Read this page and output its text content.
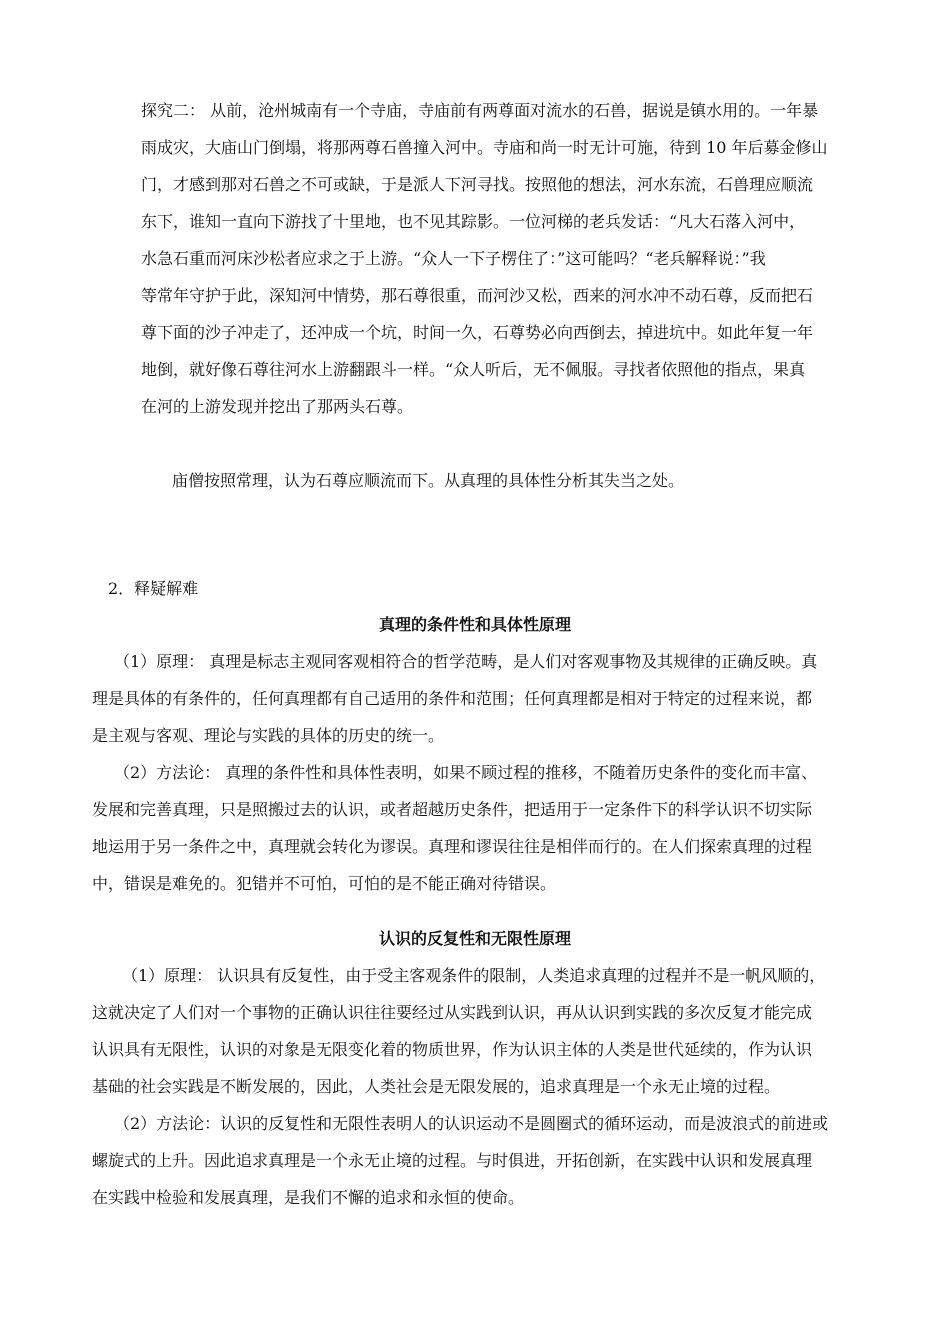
探究二： 从前，沧州城南有一个寺庙，寺庙前有两尊面对流水的石兽，据说是镇水用的。一年暴
雨成灾，大庙山门倒塌，将那两尊石兽撞入河中。寺庙和尚一时无计可施，待到 10 年后募金修山
门，才感到那对石兽之不可或缺，于是派人下河寻找。按照他的想法，河水东流，石兽理应顺流
东下，谁知一直向下游找了十里地，也不见其踪影。一位河梯的老兵发话：“凡大石落入河中，
水急石重而河床沙松者应求之于上游。“众人一下子楞住了：”这可能吗？“老兵解释说：”我
等常年守护于此，深知河中情势，那石尊很重，而河沙又松，西来的河水冲不动石尊，反而把石
尊下面的沙子冲走了，还冲成一个坑，时间一久，石尊势必向西倒去，掉进坑中。如此年复一年
地倒，就好像石尊往河水上游翻跟斗一样。“众人听后，无不佩服。寻找者依照他的指点，果真
在河的上游发现并挖出了那两头石尊。

庙僧按照常理，认为石尊应顺流而下。从真理的具体性分析其失当之处。

2．释疑解难

真理的条件性和具体性原理
（1）原理： 真理是标志主观同客观相符合的哲学范畴，是人们对客观事物及其规律的正确反映。真
理是具体的有条件的，任何真理都有自己适用的条件和范围；任何真理都是相对于特定的过程来说，都
是主观与客观、理论与实践的具体的历史的统一。
（2）方法论： 真理的条件性和具体性表明，如果不顾过程的推移，不随着历史条件的变化而丰富、
发展和完善真理，只是照搬过去的认识，或者超越历史条件，把适用于一定条件下的科学认识不切实际
地运用于另一条件之中，真理就会转化为谬误。真理和谬误往往是相伴而行的。在人们探索真理的过程
中，错误是难免的。犯错并不可怕，可怕的是不能正确对待错误。
认识的反复性和无限性原理
（1）原理： 认识具有反复性，由于受主客观条件的限制，人类追求真理的过程并不是一帆风顺的，
这就决定了人们对一个事物的正确认识往往要经过从实践到认识，再从认识到实践的多次反复才能完成
认识具有无限性，认识的对象是无限变化着的物质世界，作为认识主体的人类是世代延续的，作为认识
基础的社会实践是不断发展的，因此，人类社会是无限发展的，追求真理是一个永无止境的过程。
（2）方法论：认识的反复性和无限性表明人的认识运动不是圆圈式的循环运动，而是波浪式的前进或
螺旋式的上升。因此追求真理是一个永无止境的过程。与时俱进，开拓创新，在实践中认识和发展真理
在实践中检验和发展真理，是我们不懈的追求和永恒的使命。
